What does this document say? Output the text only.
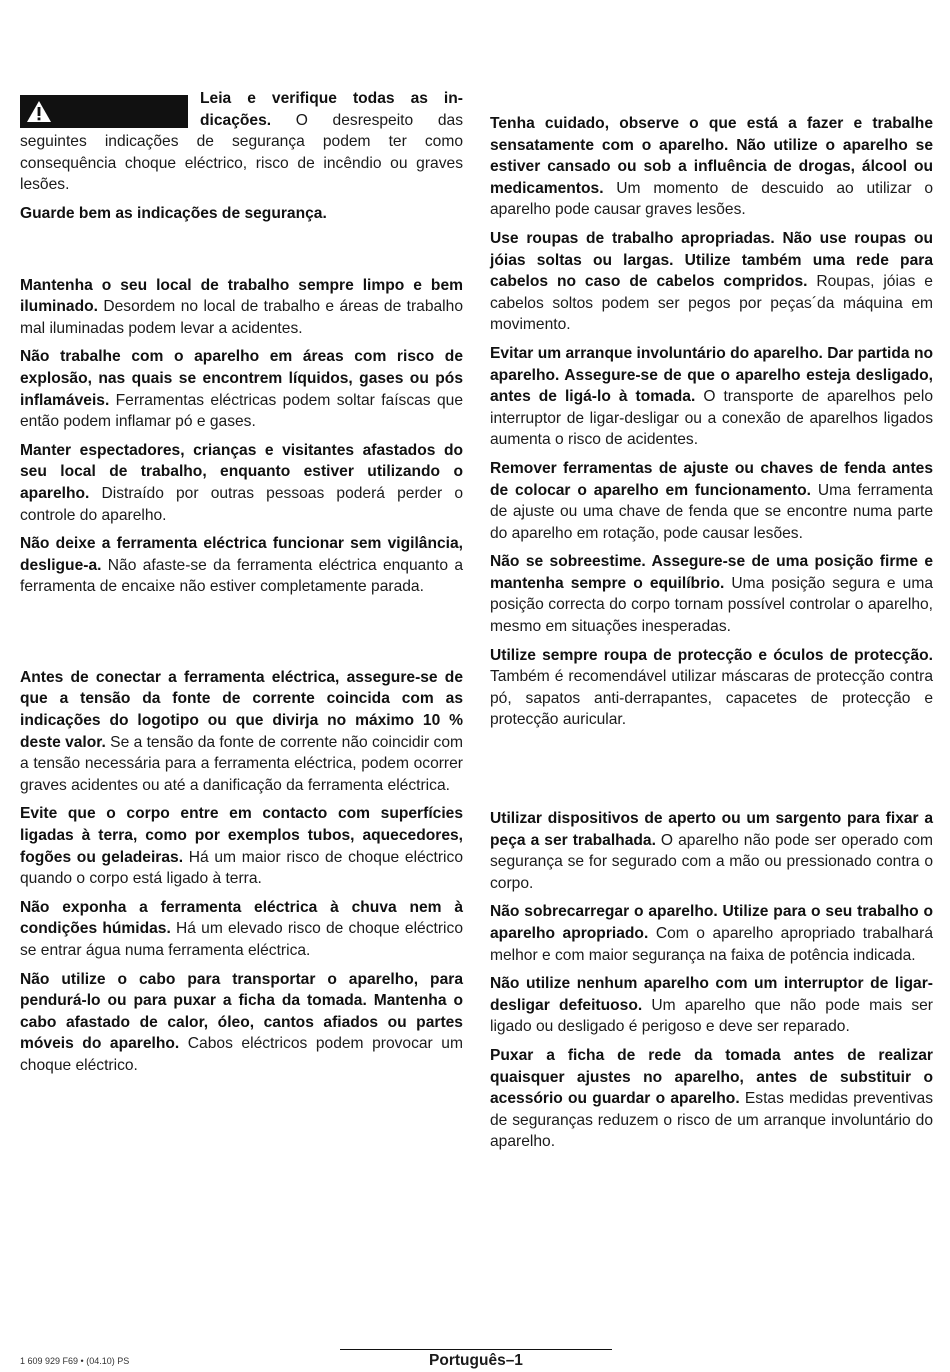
Leia e verifique todas as indicações. O desrespeito das seguintes indicações de segurança podem ter como consequência choque eléctrico, risco de incêndio ou graves lesões.

Guarde bem as indicações de segurança.

Mantenha o seu local de trabalho sempre limpo e bem iluminado. Desordem no local de trabalho e áreas de trabalho mal iluminadas podem levar a acidentes.

Não trabalhe com o aparelho em áreas com risco de explosão, nas quais se encontrem líquidos, gases ou pós inflamáveis. Ferramentas eléctricas podem soltar faíscas que então podem inflamar pó e gases.

Manter espectadores, crianças e visitantes afastados do seu local de trabalho, enquanto estiver utilizando o aparelho. Distraído por outras pessoas poderá perder o controle do aparelho.

Não deixe a ferramenta eléctrica funcionar sem vigilância, desligue-a. Não afaste-se da ferramenta eléctrica enquanto a ferramenta de encaixe não estiver completamente parada.

Antes de conectar a ferramenta eléctrica, assegure-se de que a tensão da fonte de corrente coincida com as indicações do logotipo ou que divirja no máximo 10 % deste valor. Se a tensão da fonte de corrente não coincidir com a tensão necessária para a ferramenta eléctrica, podem ocorrer graves acidentes ou até a danificação da ferramenta eléctrica.

Evite que o corpo entre em contacto com superfícies ligadas à terra, como por exemplos tubos, aquecedores, fogões ou geladeiras. Há um maior risco de choque eléctrico quando o corpo está ligado à terra.

Não exponha a ferramenta eléctrica à chuva nem à condições húmidas. Há um elevado risco de choque eléctrico se entrar água numa ferramenta eléctrica.

Não utilize o cabo para transportar o aparelho, para pendurá-lo ou para puxar a ficha da tomada. Mantenha o cabo afastado de calor, óleo, cantos afiados ou partes móveis do aparelho. Cabos eléctricos podem provocar um choque eléctrico.

Tenha cuidado, observe o que está a fazer e trabalhe sensatamente com o aparelho. Não utilize o aparelho se estiver cansado ou sob a influência de drogas, álcool ou medicamentos. Um momento de descuido ao utilizar o aparelho pode causar graves lesões.

Use roupas de trabalho apropriadas. Não use roupas ou jóias soltas ou largas. Utilize também uma rede para cabelos no caso de cabelos compridos. Roupas, jóias e cabelos soltos podem ser pegos por peças´da máquina em movimento.

Evitar um arranque involuntário do aparelho. Dar partida no aparelho. Assegure-se de que o aparelho esteja desligado, antes de ligá-lo à tomada. O transporte de aparelhos pelo interruptor de ligar-desligar ou a conexão de aparelhos ligados aumenta o risco de acidentes.

Remover ferramentas de ajuste ou chaves de fenda antes de colocar o aparelho em funcionamento. Uma ferramenta de ajuste ou uma chave de fenda que se encontre numa parte do aparelho em rotação, pode causar lesões.

Não se sobreestime. Assegure-se de uma posição firme e mantenha sempre o equilíbrio. Uma posição segura e uma posição correcta do corpo tornam possível controlar o aparelho, mesmo em situações inesperadas.

Utilize sempre roupa de protecção e óculos de protecção. Também é recomendável utilizar máscaras de protecção contra pó, sapatos anti-derrapantes, capacetes de protecção e protecção auricular.

Utilizar dispositivos de aperto ou um sargento para fixar a peça a ser trabalhada. O aparelho não pode ser operado com segurança se for segurado com a mão ou pressionado contra o corpo.

Não sobrecarregar o aparelho. Utilize para o seu trabalho o aparelho apropriado. Com o aparelho apropriado trabalhará melhor e com maior segurança na faixa de potência indicada.

Não utilize nenhum aparelho com um interruptor de ligar-desligar defeituoso. Um aparelho que não pode mais ser ligado ou desligado é perigoso e deve ser reparado.

Puxar a ficha de rede da tomada antes de realizar quaisquer ajustes no aparelho, antes de substituir o acessório ou guardar o aparelho. Estas medidas preventivas de seguranças reduzem o risco de um arranque involuntário do aparelho.

1 609 929 F69 • (04.10) PS	Português–1
